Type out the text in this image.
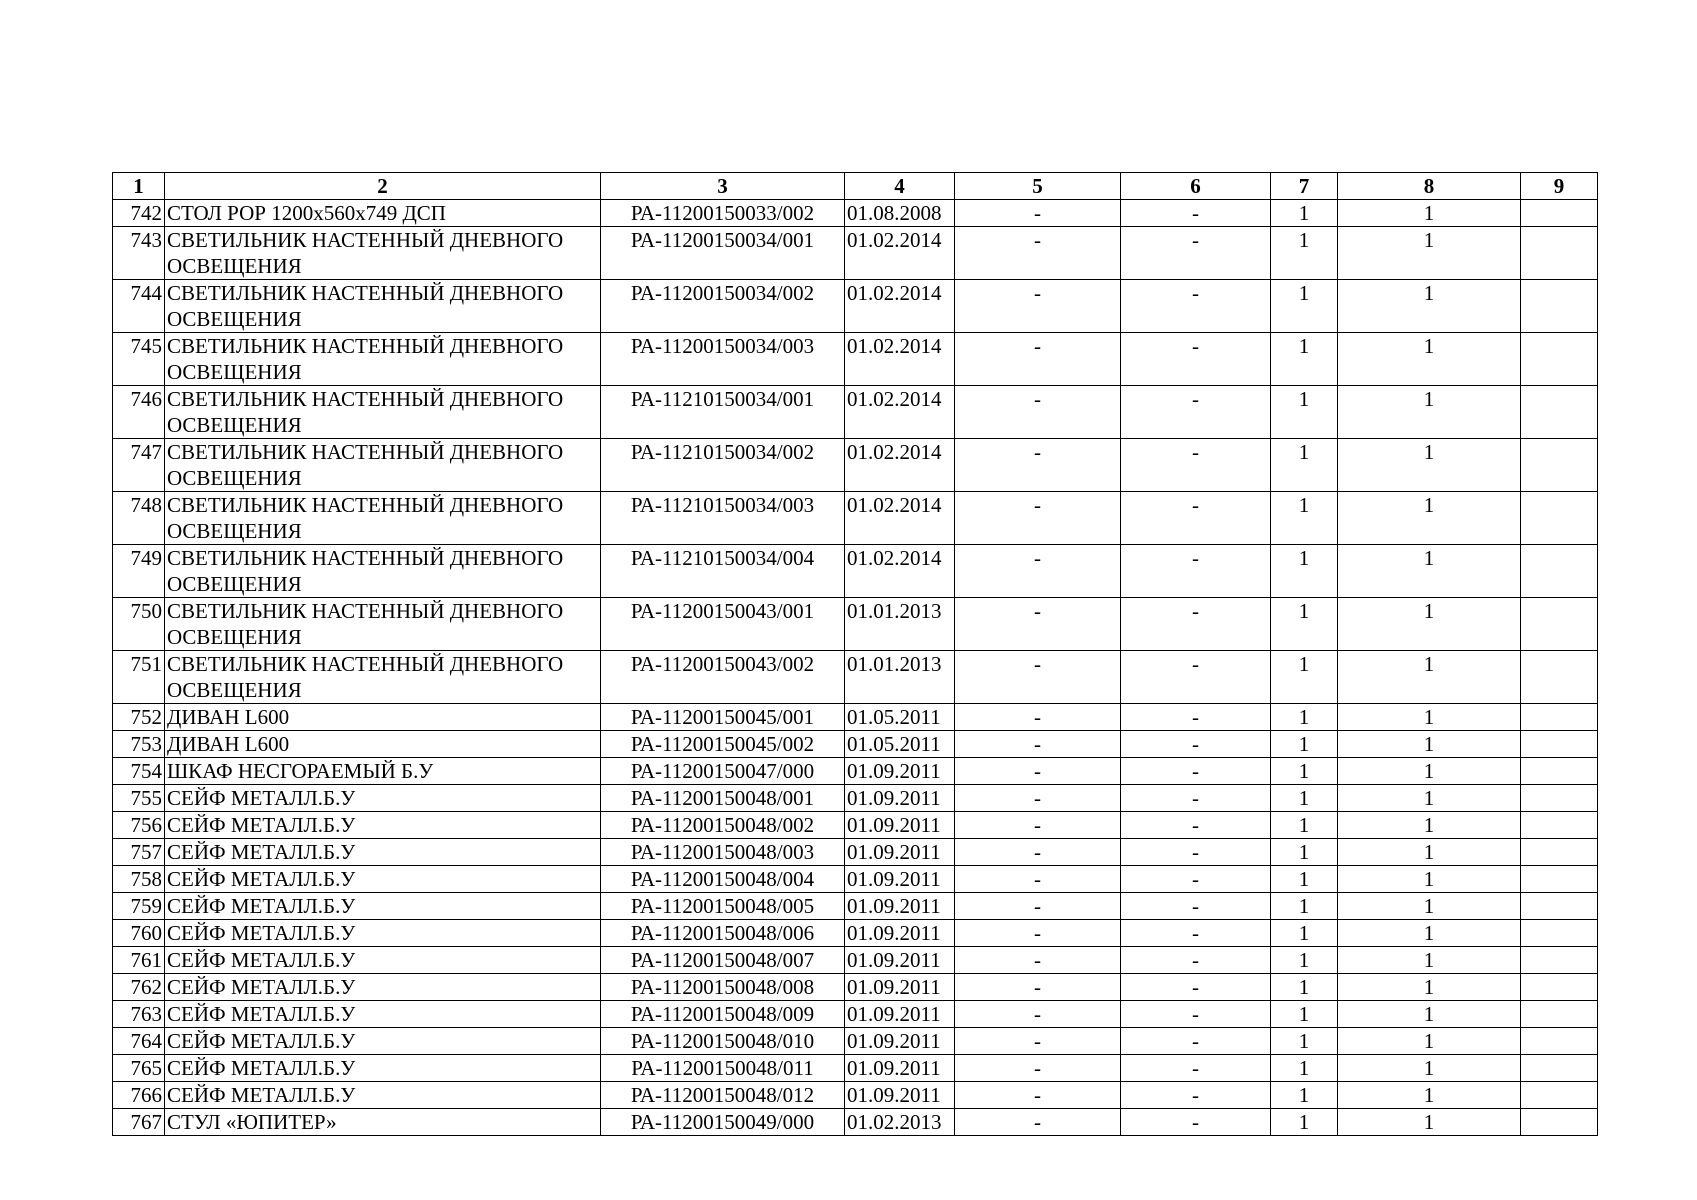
1	2	3	4	5	6	7	8	9
742	СТОЛ РОР 1200х560х749 ДСП	РА-11200150033/002	01.08.2008	-	-	1	1	
743	СВЕТИЛЬНИК НАСТЕННЫЙ ДНЕВНОГО ОСВЕЩЕНИЯ	РА-11200150034/001	01.02.2014	-	-	1	1	
744	СВЕТИЛЬНИК НАСТЕННЫЙ ДНЕВНОГО ОСВЕЩЕНИЯ	РА-11200150034/002	01.02.2014	-	-	1	1	
745	СВЕТИЛЬНИК НАСТЕННЫЙ ДНЕВНОГО ОСВЕЩЕНИЯ	РА-11200150034/003	01.02.2014	-	-	1	1	
746	СВЕТИЛЬНИК НАСТЕННЫЙ ДНЕВНОГО ОСВЕЩЕНИЯ	РА-11210150034/001	01.02.2014	-	-	1	1	
747	СВЕТИЛЬНИК НАСТЕННЫЙ ДНЕВНОГО ОСВЕЩЕНИЯ	РА-11210150034/002	01.02.2014	-	-	1	1	
748	СВЕТИЛЬНИК НАСТЕННЫЙ ДНЕВНОГО ОСВЕЩЕНИЯ	РА-11210150034/003	01.02.2014	-	-	1	1	
749	СВЕТИЛЬНИК НАСТЕННЫЙ ДНЕВНОГО ОСВЕЩЕНИЯ	РА-11210150034/004	01.02.2014	-	-	1	1	
750	СВЕТИЛЬНИК НАСТЕННЫЙ ДНЕВНОГО ОСВЕЩЕНИЯ	РА-11200150043/001	01.01.2013	-	-	1	1	
751	СВЕТИЛЬНИК НАСТЕННЫЙ ДНЕВНОГО ОСВЕЩЕНИЯ	РА-11200150043/002	01.01.2013	-	-	1	1	
752	ДИВАН L600	РА-11200150045/001	01.05.2011	-	-	1	1	
753	ДИВАН L600	РА-11200150045/002	01.05.2011	-	-	1	1	
754	ШКАФ НЕСГОРАЕМЫЙ Б.У	РА-11200150047/000	01.09.2011	-	-	1	1	
755	СЕЙФ МЕТАЛЛ.Б.У	РА-11200150048/001	01.09.2011	-	-	1	1	
756	СЕЙФ МЕТАЛЛ.Б.У	РА-11200150048/002	01.09.2011	-	-	1	1	
757	СЕЙФ МЕТАЛЛ.Б.У	РА-11200150048/003	01.09.2011	-	-	1	1	
758	СЕЙФ МЕТАЛЛ.Б.У	РА-11200150048/004	01.09.2011	-	-	1	1	
759	СЕЙФ МЕТАЛЛ.Б.У	РА-11200150048/005	01.09.2011	-	-	1	1	
760	СЕЙФ МЕТАЛЛ.Б.У	РА-11200150048/006	01.09.2011	-	-	1	1	
761	СЕЙФ МЕТАЛЛ.Б.У	РА-11200150048/007	01.09.2011	-	-	1	1	
762	СЕЙФ МЕТАЛЛ.Б.У	РА-11200150048/008	01.09.2011	-	-	1	1	
763	СЕЙФ МЕТАЛЛ.Б.У	РА-11200150048/009	01.09.2011	-	-	1	1	
764	СЕЙФ МЕТАЛЛ.Б.У	РА-11200150048/010	01.09.2011	-	-	1	1	
765	СЕЙФ МЕТАЛЛ.Б.У	РА-11200150048/011	01.09.2011	-	-	1	1	
766	СЕЙФ МЕТАЛЛ.Б.У	РА-11200150048/012	01.09.2011	-	-	1	1	
767	СТУЛ «ЮПИТЕР»	РА-11200150049/000	01.02.2013	-	-	1	1	
